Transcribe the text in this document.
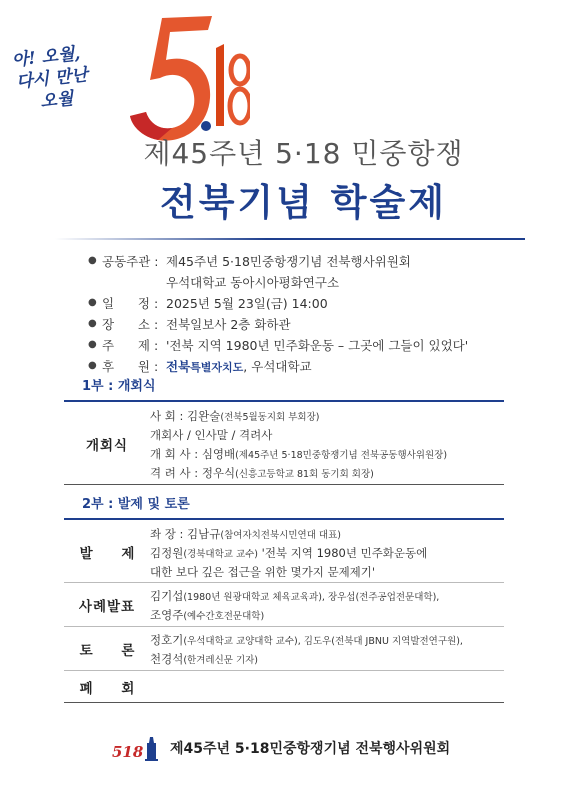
아! 오월,
다시 만난
오월
제45주년 5·18 민중항쟁
전북기념 학술제
● 공동주관 : 제45주년 5·18민중항쟁기념 전북행사위원회
우석대학교 동아시아평화연구소
● 일      정 : 2025년 5월 23일(금) 14:00
● 장      소 : 전북일보사 2층 화하관
● 주      제 : '전북 지역 1980년 민주화운동 – 그곳에 그들이 있었다'
● 후      원 : 전북특별자치도, 우석대학교
1부 : 개회식
개회식
사 회 : 김완술(전북5월동지회 부회장)
개회사 / 인사말 / 격려사
개 회 사 : 심영배(제45주년 5·18민중항쟁기념 전북공동행사위원장)
격 려 사 : 정우식(신흥고등학교 81회 동기회 회장)
2부 : 발제 및 토론
발 제
좌 장 : 김남규(참여자치전북시민연대 대표)
김정원(경북대학교 교수) '전북 지역 1980년 민주화운동에
대한 보다 깊은 접근을 위한 몇가지 문제제기'
사례발표
김기섭(1980년 원광대학교 체육교육과), 장우섭(전주공업전문대학),
조영주(예수간호전문대학)
토 론
정호기(우석대학교 교양대학 교수), 김도우(전북대 JBNU 지역발전연구원),
천경석(한겨레신문 기자)
폐 회
518 제45주년 5·18민중항쟁기념 전북행사위원회
